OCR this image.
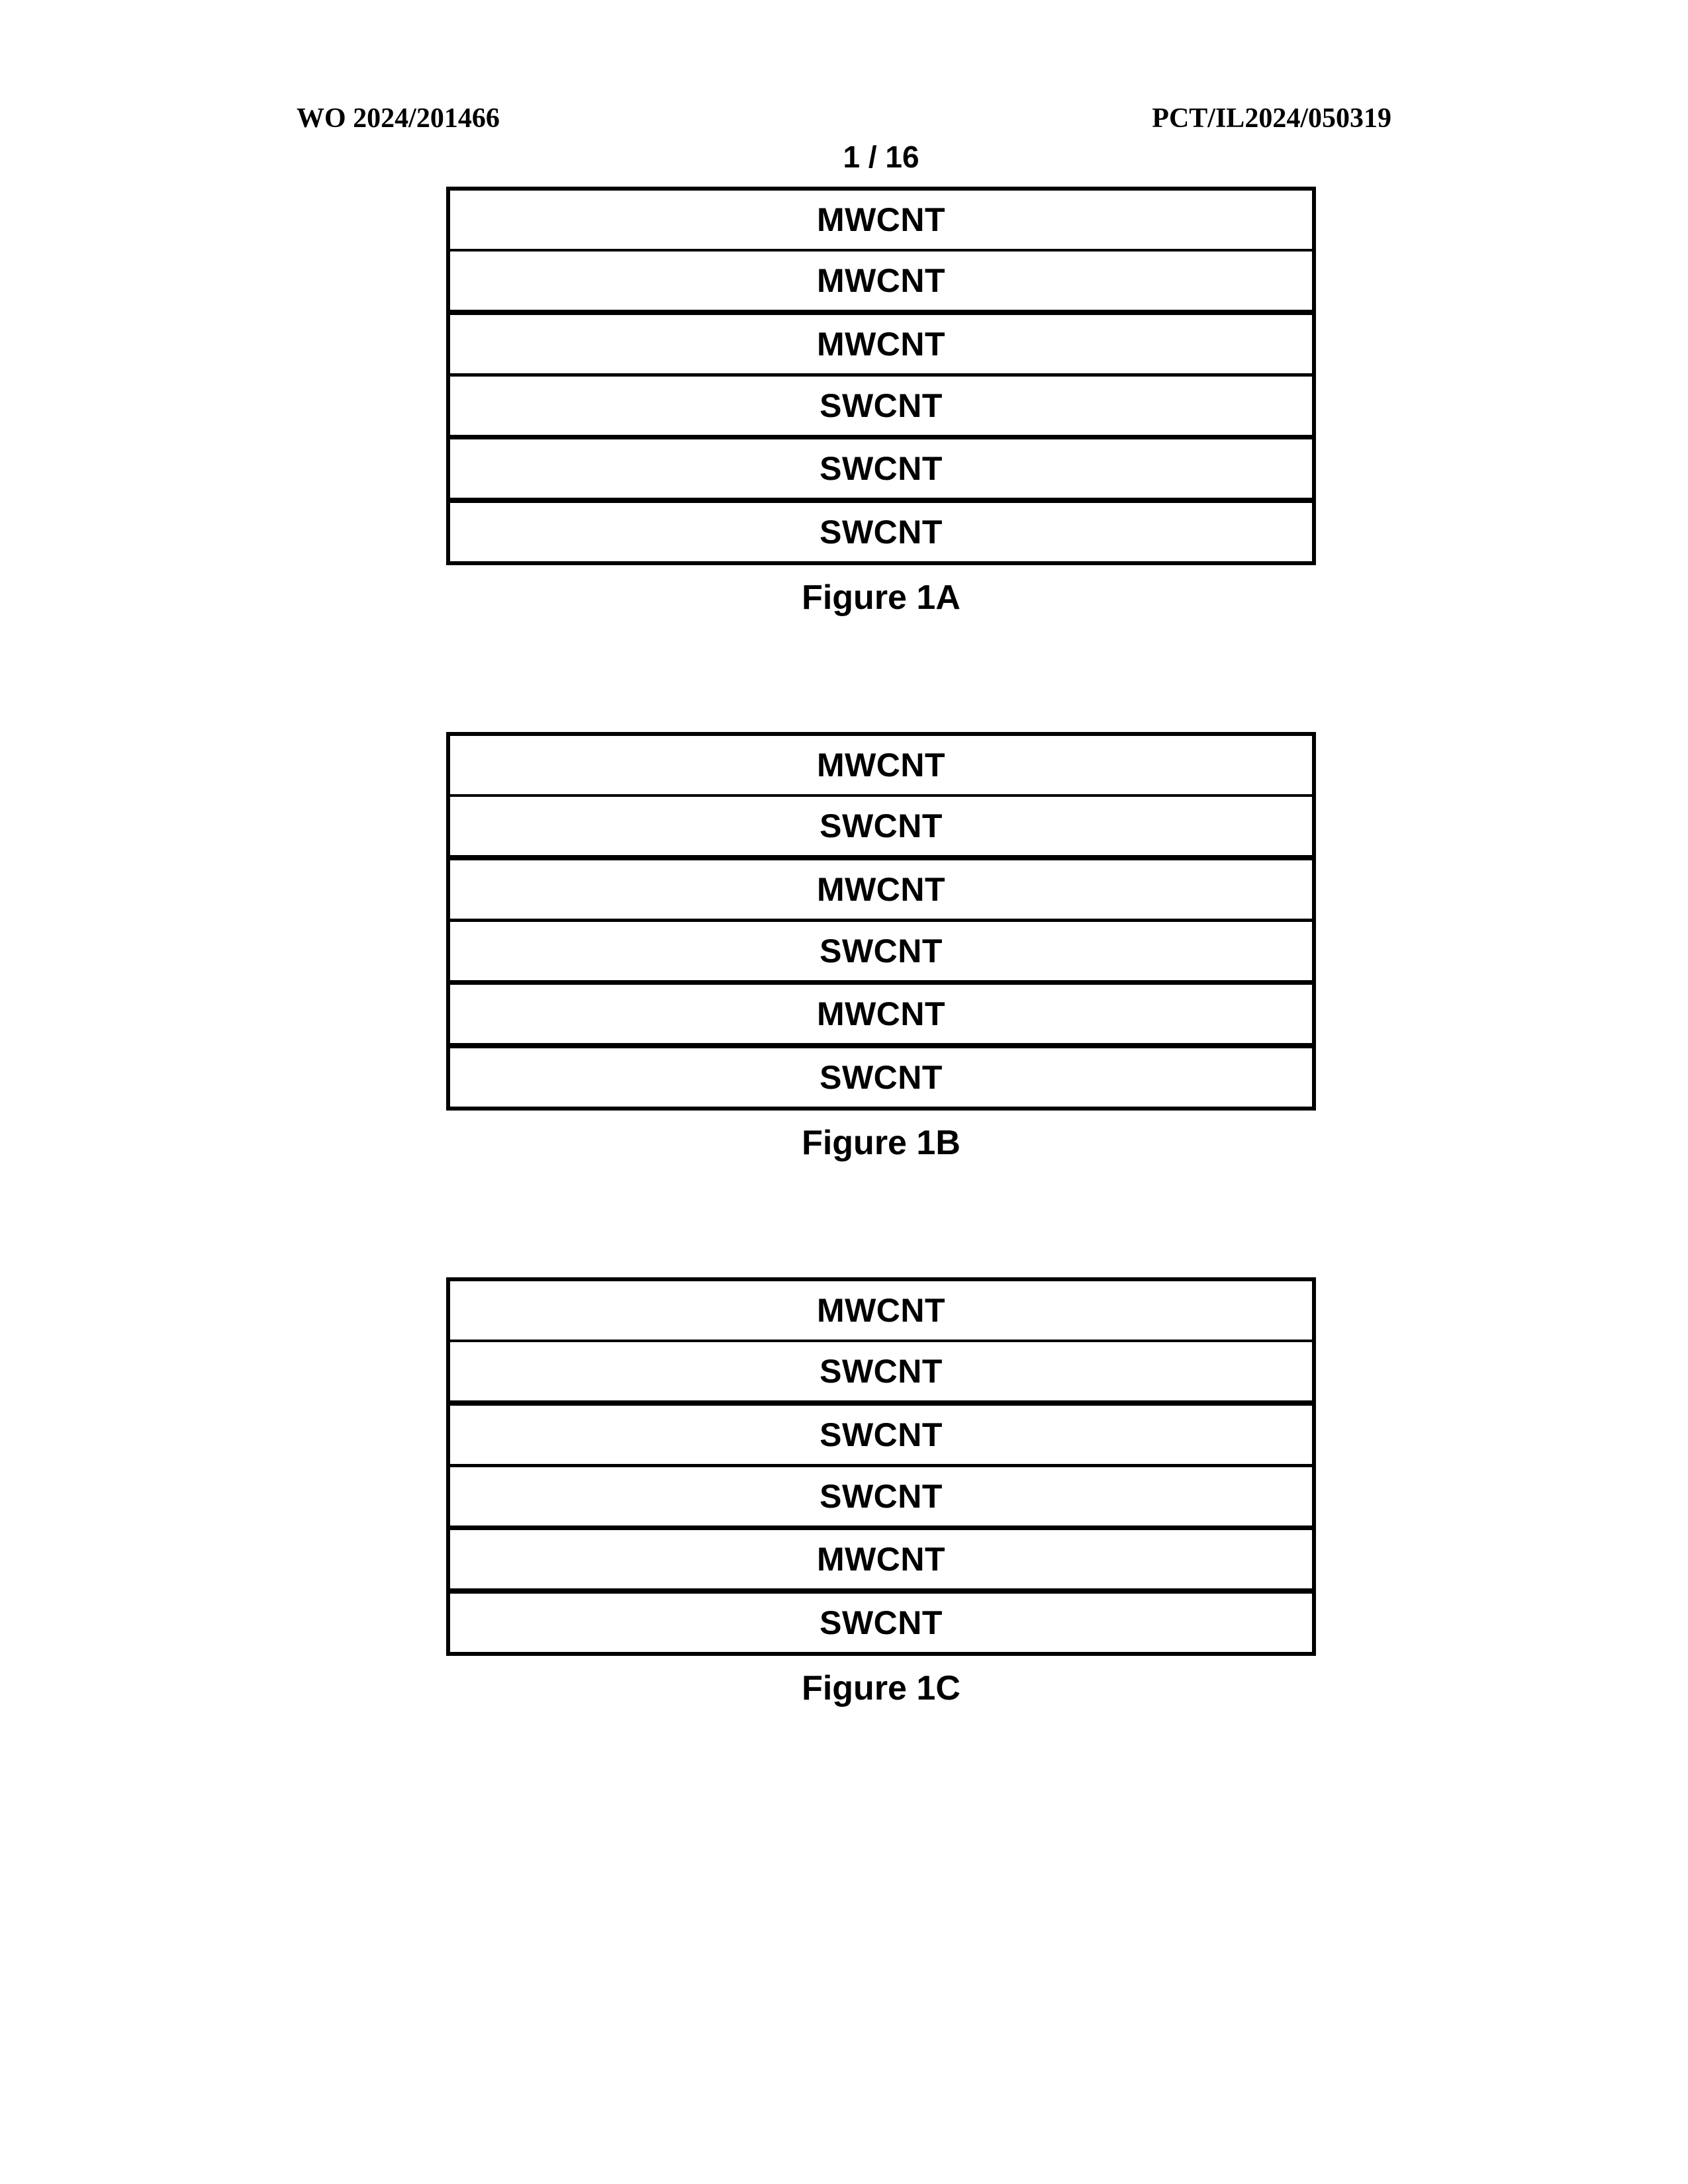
WO 2024/201466	PCT/IL2024/050319
1 / 16
MWCNT
MWCNT
MWCNT
SWCNT
SWCNT
SWCNT
Figure 1A
MWCNT
SWCNT
MWCNT
SWCNT
MWCNT
SWCNT
Figure 1B
MWCNT
SWCNT
SWCNT
SWCNT
MWCNT
SWCNT
Figure 1C
